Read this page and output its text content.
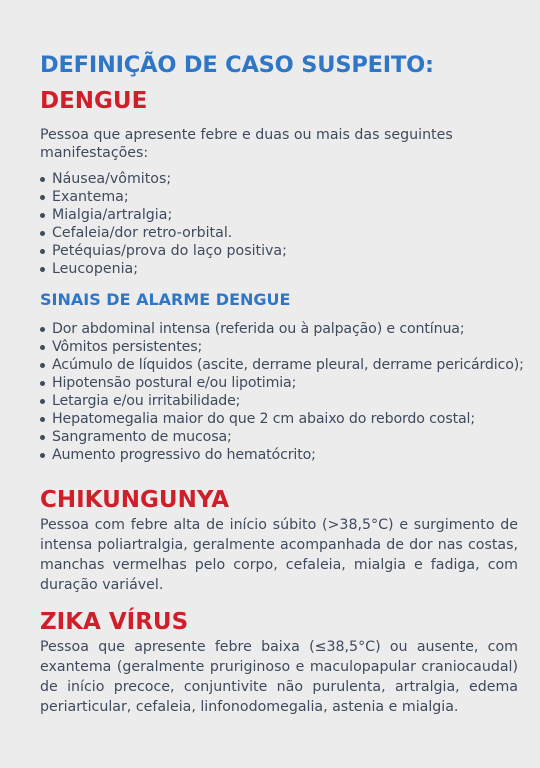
DEFINIÇÃO DE CASO SUSPEITO:
DENGUE
Pessoa que apresente febre e duas ou mais das seguintes manifestações:
Náusea/vômitos;
Exantema;
Mialgia/artralgia;
Cefaleia/dor retro-orbital.
Petéquias/prova do laço positiva;
Leucopenia;
SINAIS DE ALARME DENGUE
Dor abdominal intensa (referida ou à palpação) e contínua;
Vômitos persistentes;
Acúmulo de líquidos (ascite, derrame pleural, derrame pericárdico);
Hipotensão postural e/ou lipotimia;
Letargia e/ou irritabilidade;
Hepatomegalia maior do que 2 cm abaixo do rebordo costal;
Sangramento de mucosa;
Aumento progressivo do hematócrito;
CHIKUNGUNYA
Pessoa com febre alta de início súbito (>38,5°C) e surgimento de intensa poliartralgia, geralmente acompanhada de dor nas costas, manchas vermelhas pelo corpo, cefaleia, mialgia e fadiga, com duração variável.
ZIKA VÍRUS
Pessoa que apresente febre baixa (≤38,5°C) ou ausente, com exantema (geralmente pruriginoso e maculopapular craniocaudal) de início precoce, conjuntivite não purulenta, artralgia, edema periarticular, cefaleia, linfonodomegalia, astenia e mialgia.
